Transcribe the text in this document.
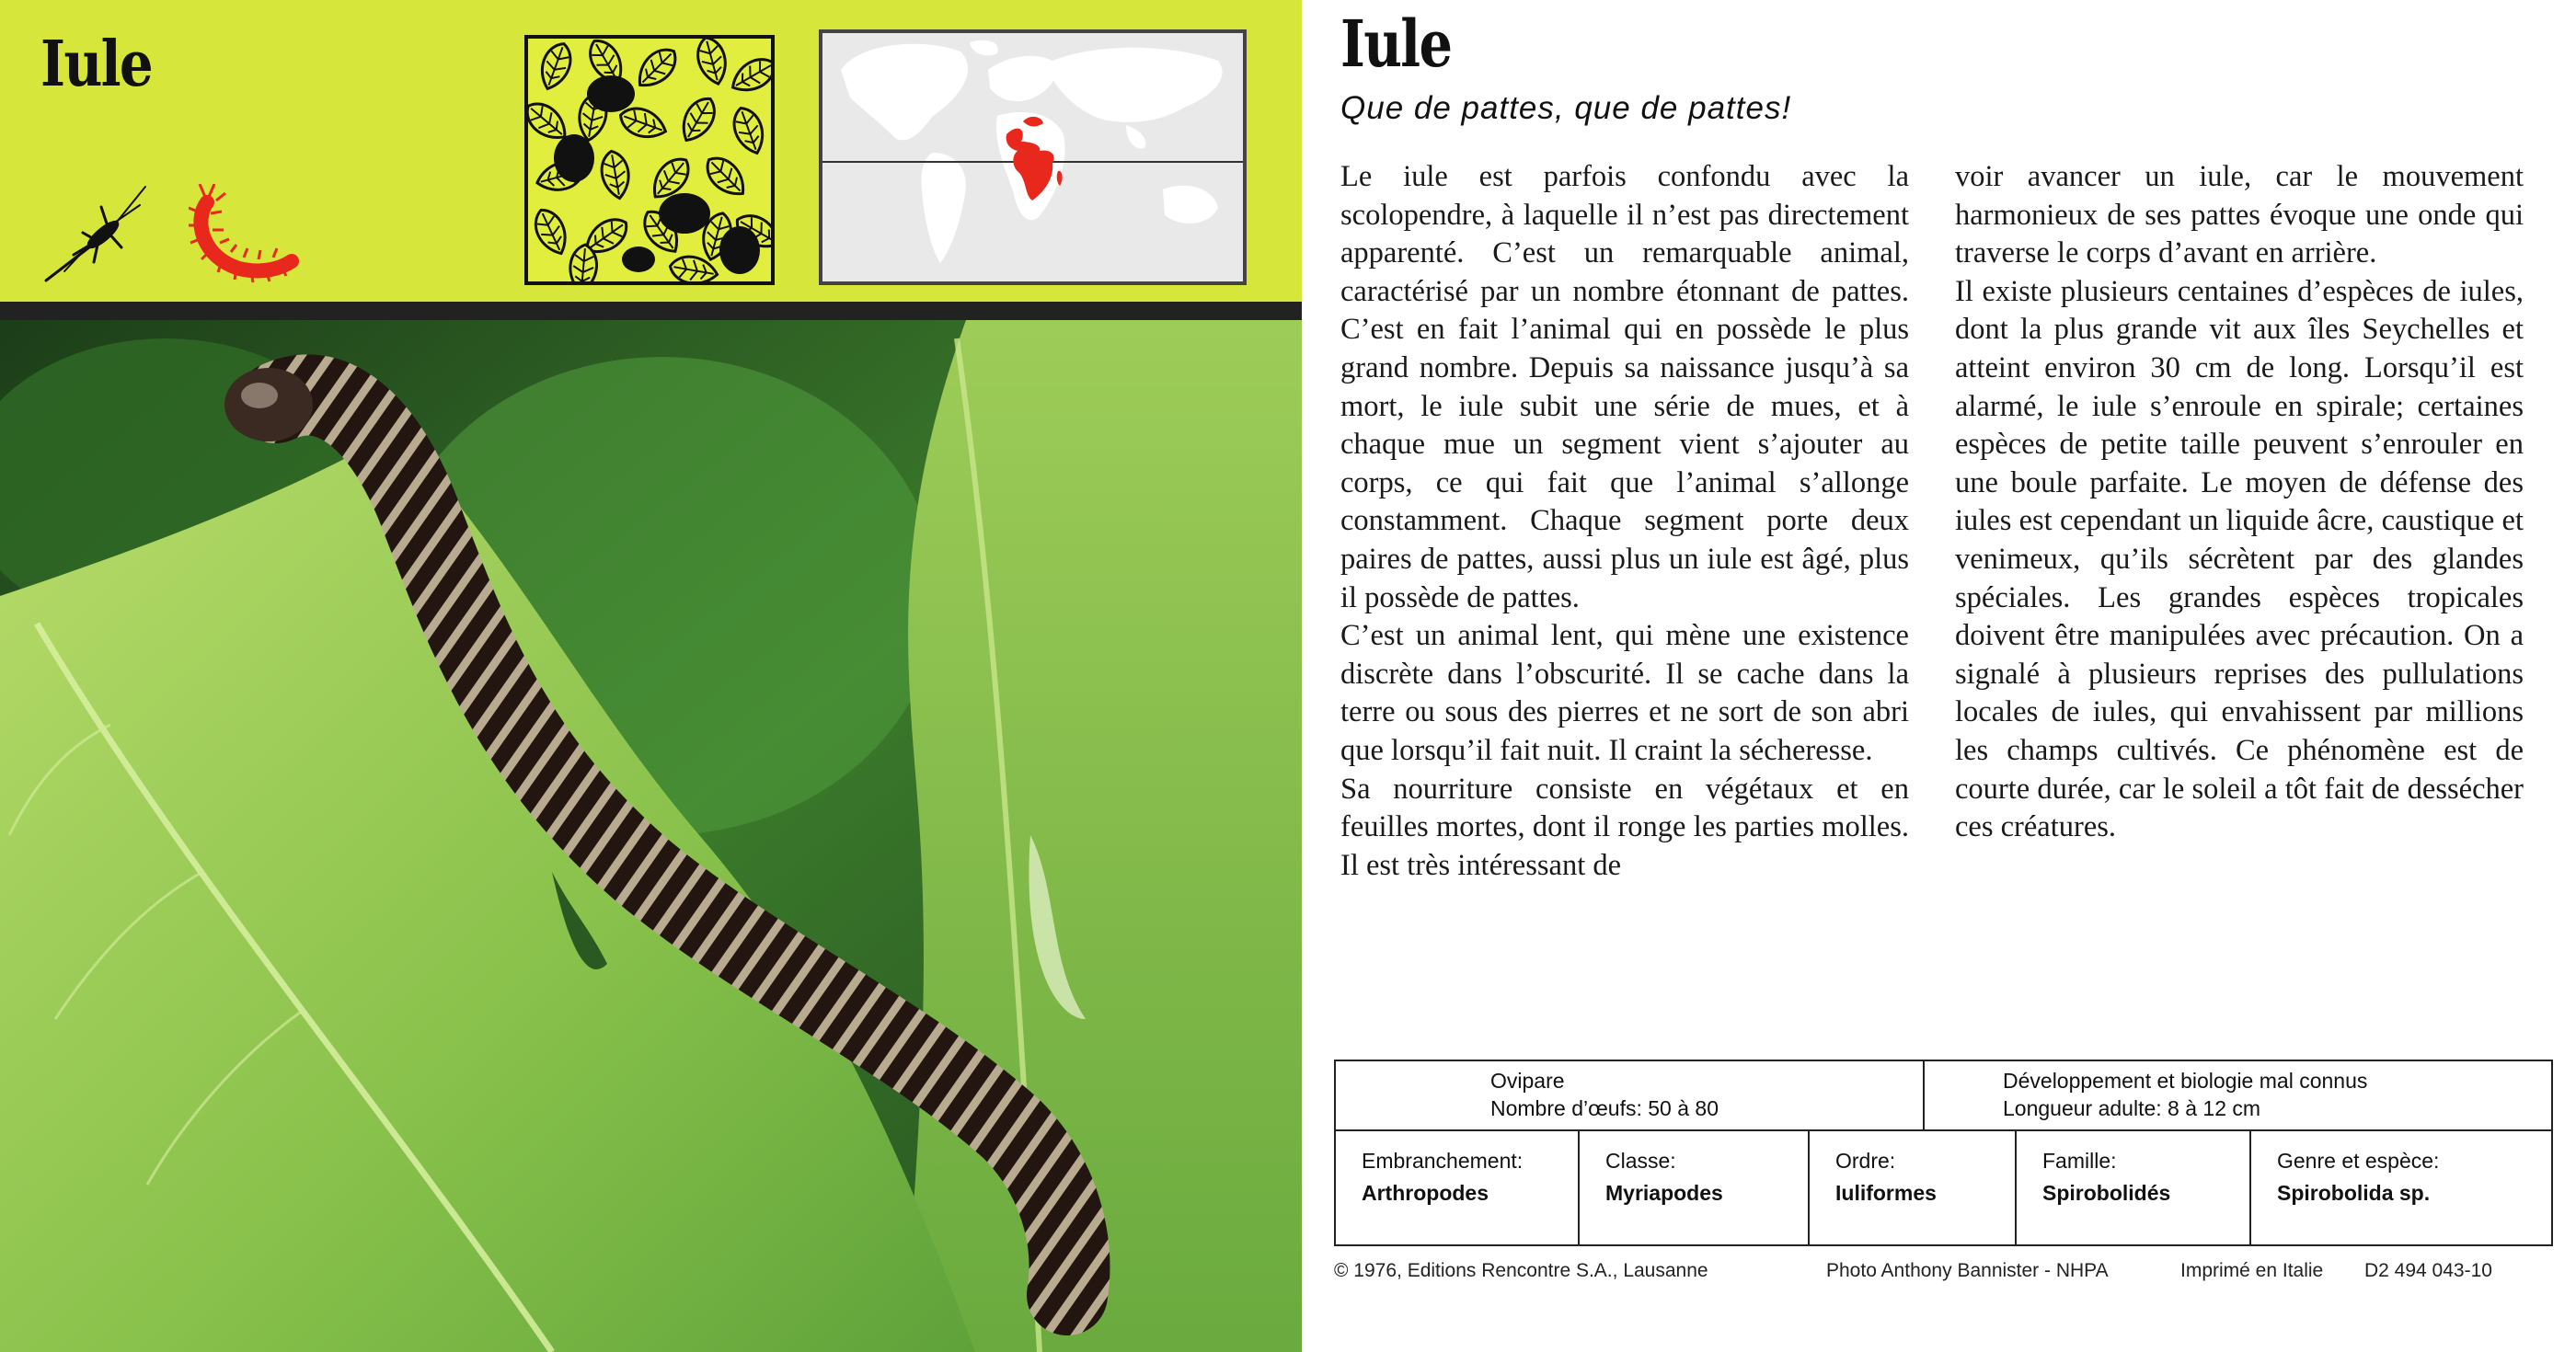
Iule	Iule
Que de pattes, que de pattes!

Le iule est parfois confondu avec la scolopendre, à laquelle il n’est pas directement apparenté. C’est un remarquable animal, caractérisé par un nombre étonnant de pattes. C’est en fait l’animal qui en possède le plus grand nombre. Depuis sa naissance jusqu’à sa mort, le iule subit une série de mues, et à chaque mue un segment vient s’ajouter au corps, ce qui fait que l’animal s’allonge constamment. Chaque segment porte deux paires de pattes, aussi plus un iule est âgé, plus il possède de pattes.

C’est un animal lent, qui mène une existence discrète dans l’obscurité. Il se cache dans la terre ou sous des pierres et ne sort de son abri que lorsqu’il fait nuit. Il craint la sécheresse.

Sa nourriture consiste en végétaux et en feuilles mortes, dont il ronge les parties molles. Il est très intéressant de

voir avancer un iule, car le mouvement harmonieux de ses pattes évoque une onde qui traverse le corps d’avant en arrière.

Il existe plusieurs centaines d’espèces de iules, dont la plus grande vit aux îles Seychelles et atteint environ 30 cm de long. Lorsqu’il est alarmé, le iule s’enroule en spirale; certaines espèces de petite taille peuvent s’enrouler en une boule parfaite. Le moyen de défense des iules est cependant un liquide âcre, caustique et venimeux, qu’ils sécrètent par des glandes spéciales. Les grandes espèces tropicales doivent être manipulées avec précaution. On a signalé à plusieurs reprises des pullulations locales de iules, qui envahissent par millions les champs cultivés. Ce phénomène est de courte durée, car le soleil a tôt fait de dessécher ces créatures.

Ovipare
Nombre d’œufs: 50 à 80
Développement et biologie mal connus
Longueur adulte: 8 à 12 cm
Embranchement:
Arthropodes
Classe:
Myriapodes
Ordre:
Iuliformes
Famille:
Spirobolidés
Genre et espèce:
Spirobolida sp.
© 1976, Editions Rencontre S.A., Lausanne	Photo Anthony Bannister - NHPA	Imprimé en Italie D2 494 043-10
